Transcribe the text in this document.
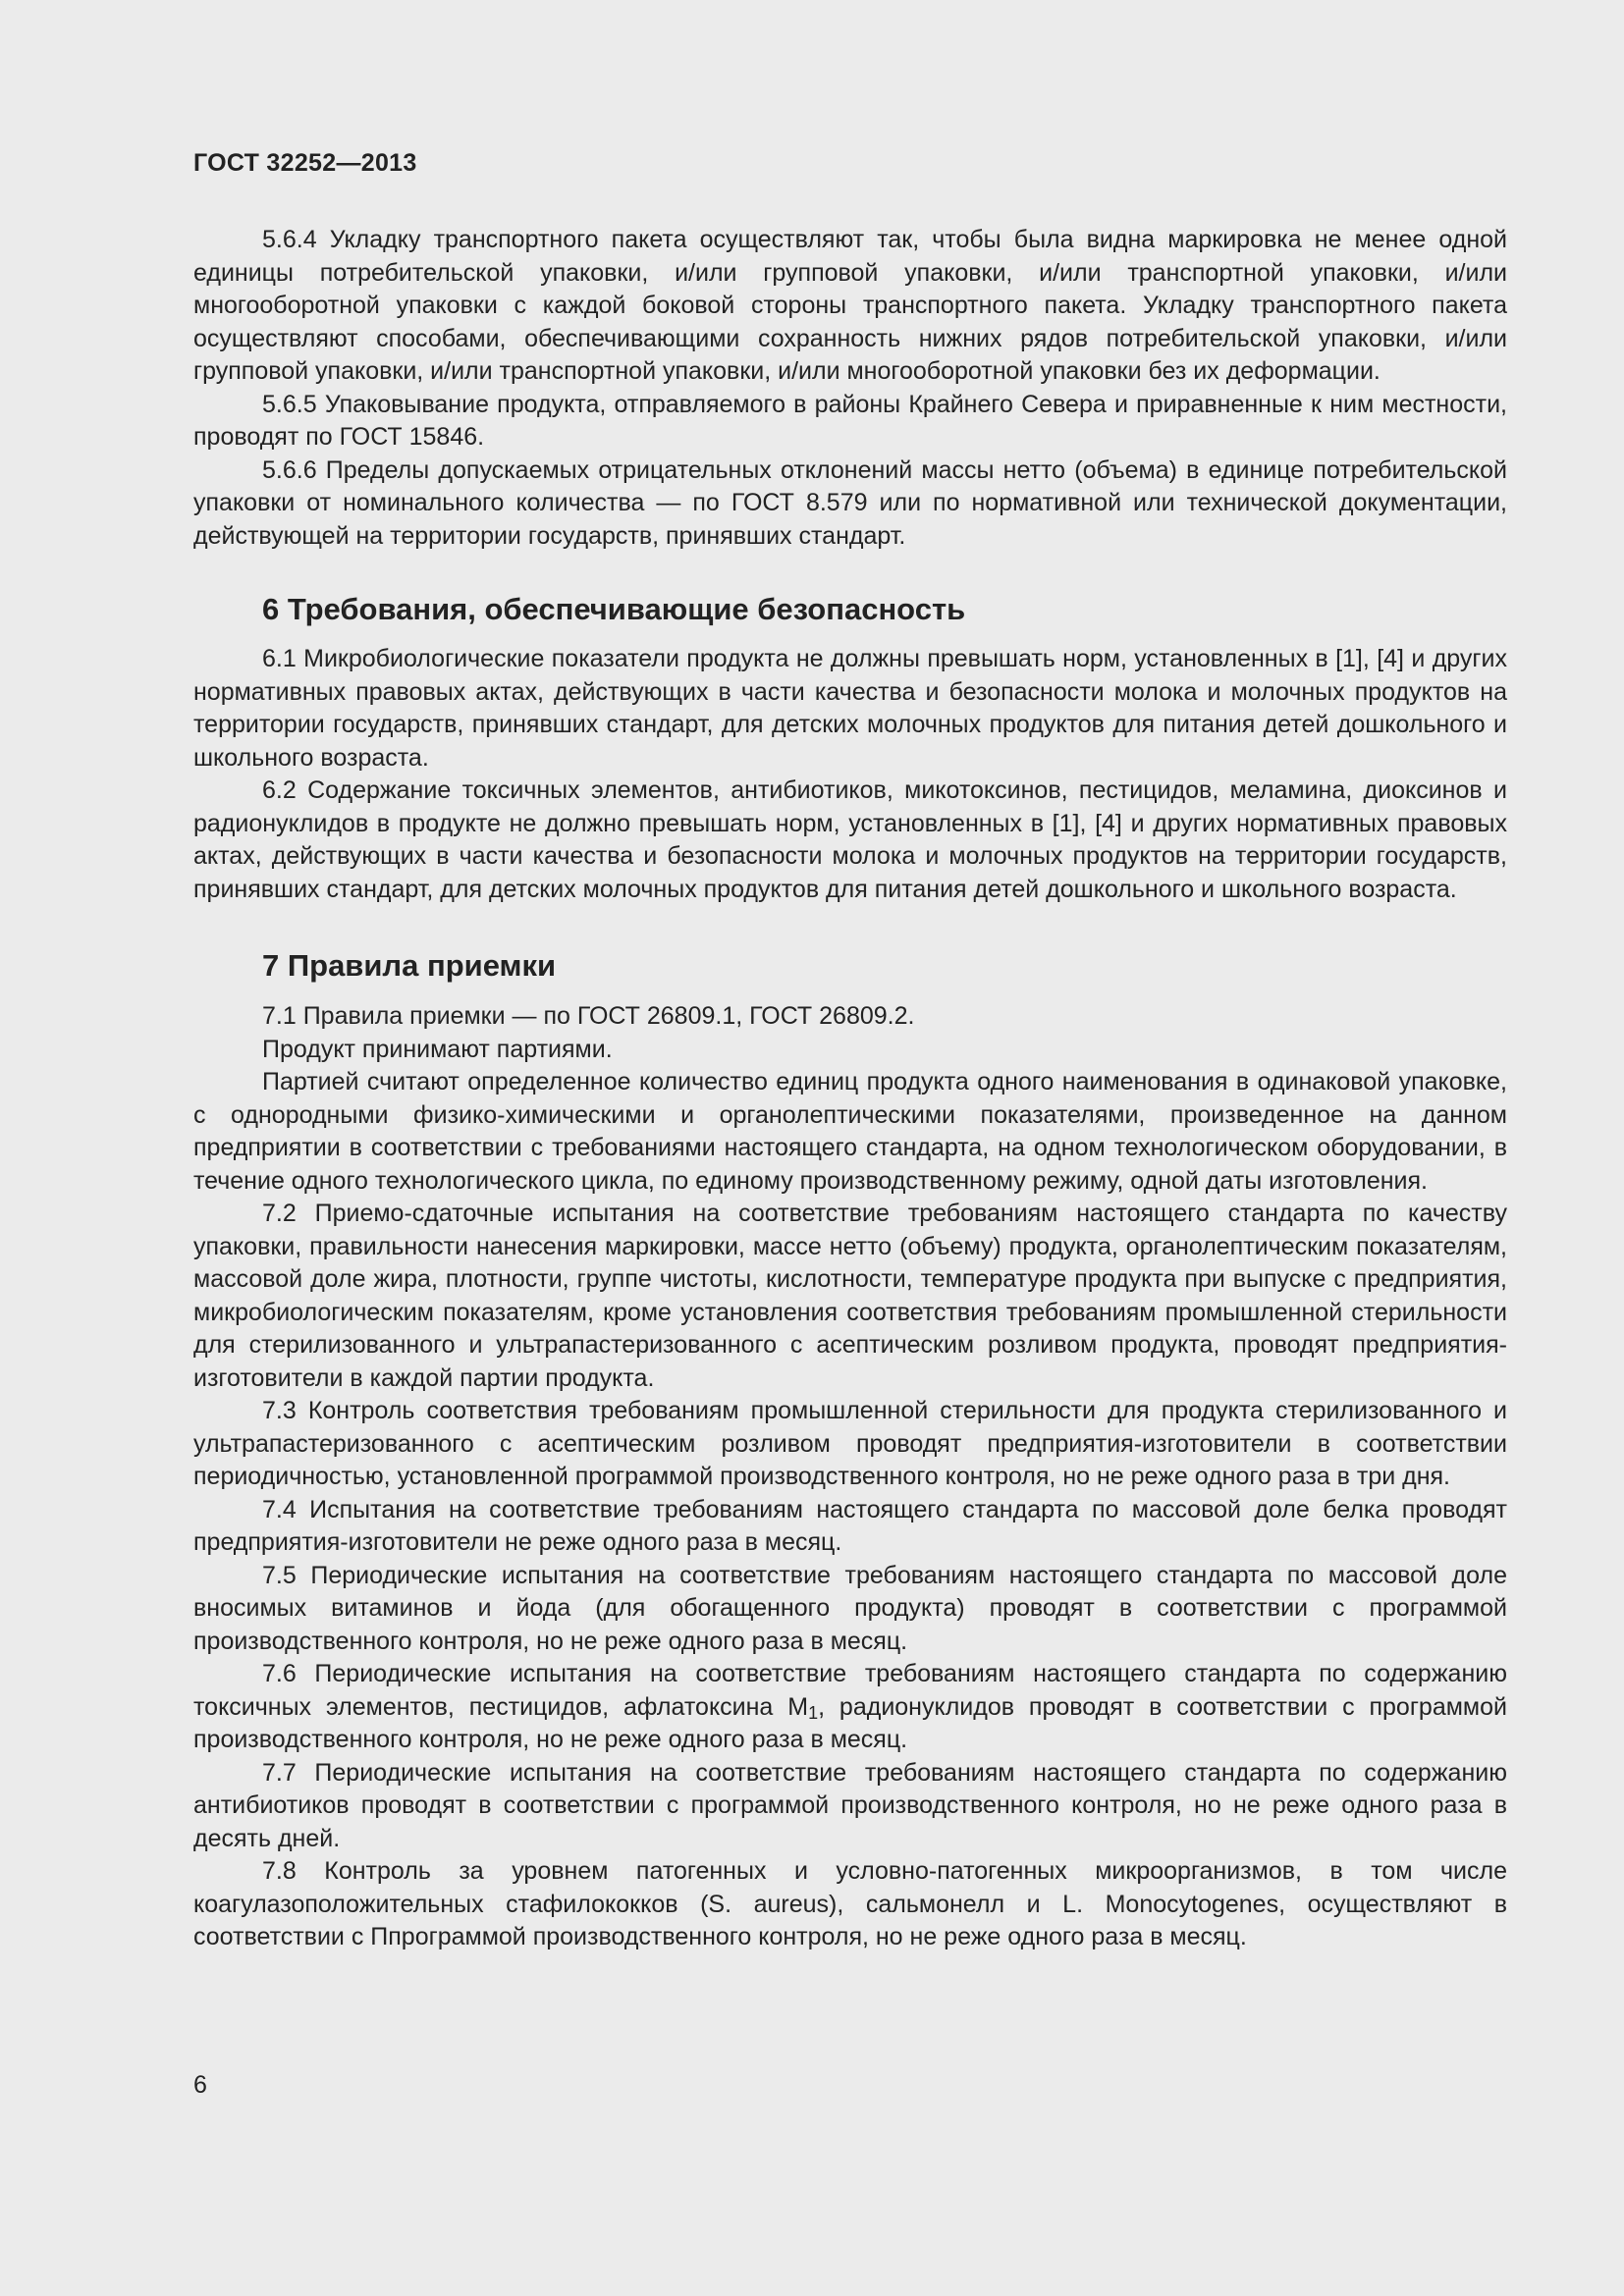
ГОСТ 32252—2013

5.6.4 Укладку транспортного пакета осуществляют так, чтобы была видна маркировка не менее одной единицы потребительской упаковки, и/или групповой упаковки, и/или транспортной упаковки, и/или многооборотной упаковки с каждой боковой стороны транспортного пакета. Укладку транспортного пакета осуществляют способами, обеспечивающими сохранность нижних рядов потребительской упаковки, и/или групповой упаковки, и/или транспортной упаковки, и/или многооборотной упаковки без их деформации.

5.6.5 Упаковывание продукта, отправляемого в районы Крайнего Севера и приравненные к ним местности, проводят по ГОСТ 15846.

5.6.6 Пределы допускаемых отрицательных отклонений массы нетто (объема) в единице потребительской упаковки от номинального количества — по ГОСТ 8.579 или по нормативной или технической документации, действующей на территории государств, принявших стандарт.

6 Требования, обеспечивающие безопасность

6.1 Микробиологические показатели продукта не должны превышать норм, установленных в [1], [4] и других нормативных правовых актах, действующих в части качества и безопасности молока и молочных продуктов на территории государств, принявших стандарт, для детских молочных продуктов для питания детей дошкольного и школьного возраста.

6.2 Содержание токсичных элементов, антибиотиков, микотоксинов, пестицидов, меламина, диоксинов и радионуклидов в продукте не должно превышать норм, установленных в [1], [4] и других нормативных правовых актах, действующих в части качества и безопасности молока и молочных продуктов на территории государств, принявших стандарт, для детских молочных продуктов для питания детей дошкольного и школьного возраста.

7 Правила приемки

7.1 Правила приемки — по ГОСТ 26809.1, ГОСТ 26809.2.

Продукт принимают партиями.

Партией считают определенное количество единиц продукта одного наименования в одинаковой упаковке, с однородными физико-химическими и органолептическими показателями, произведенное на данном предприятии в соответствии с требованиями настоящего стандарта, на одном технологическом оборудовании, в течение одного технологического цикла, по единому производственному режиму, одной даты изготовления.

7.2 Приемо-сдаточные испытания на соответствие требованиям настоящего стандарта по качеству упаковки, правильности нанесения маркировки, массе нетто (объему) продукта, органолептическим показателям, массовой доле жира, плотности, группе чистоты, кислотности, температуре продукта при выпуске с предприятия, микробиологическим показателям, кроме установления соответствия требованиям промышленной стерильности для стерилизованного и ультрапастеризованного с асептическим розливом продукта, проводят предприятия-изготовители в каждой партии продукта.

7.3 Контроль соответствия требованиям промышленной стерильности для продукта стерилизованного и ультрапастеризованного с асептическим розливом проводят предприятия-изготовители в соответствии периодичностью, установленной программой производственного контроля, но не реже одного раза в три дня.

7.4 Испытания на соответствие требованиям настоящего стандарта по массовой доле белка проводят предприятия-изготовители не реже одного раза в месяц.

7.5 Периодические испытания на соответствие требованиям настоящего стандарта по массовой доле вносимых витаминов и йода (для обогащенного продукта) проводят в соответствии с программой производственного контроля, но не реже одного раза в месяц.

7.6 Периодические испытания на соответствие требованиям настоящего стандарта по содержанию токсичных элементов, пестицидов, афлатоксина $М_1$, радионуклидов проводят в соответствии с программой производственного контроля, но не реже одного раза в месяц.

7.7 Периодические испытания на соответствие требованиям настоящего стандарта по содержанию антибиотиков проводят в соответствии с программой производственного контроля, но не реже одного раза в десять дней.

7.8 Контроль за уровнем патогенных и условно-патогенных микроорганизмов, в том числе коагулазоположительных стафилококков (S. aureus), сальмонелл и L. Monocytogenes, осуществляют в соответствии с Ппрограммой производственного контроля, но не реже одного раза в месяц.

6
